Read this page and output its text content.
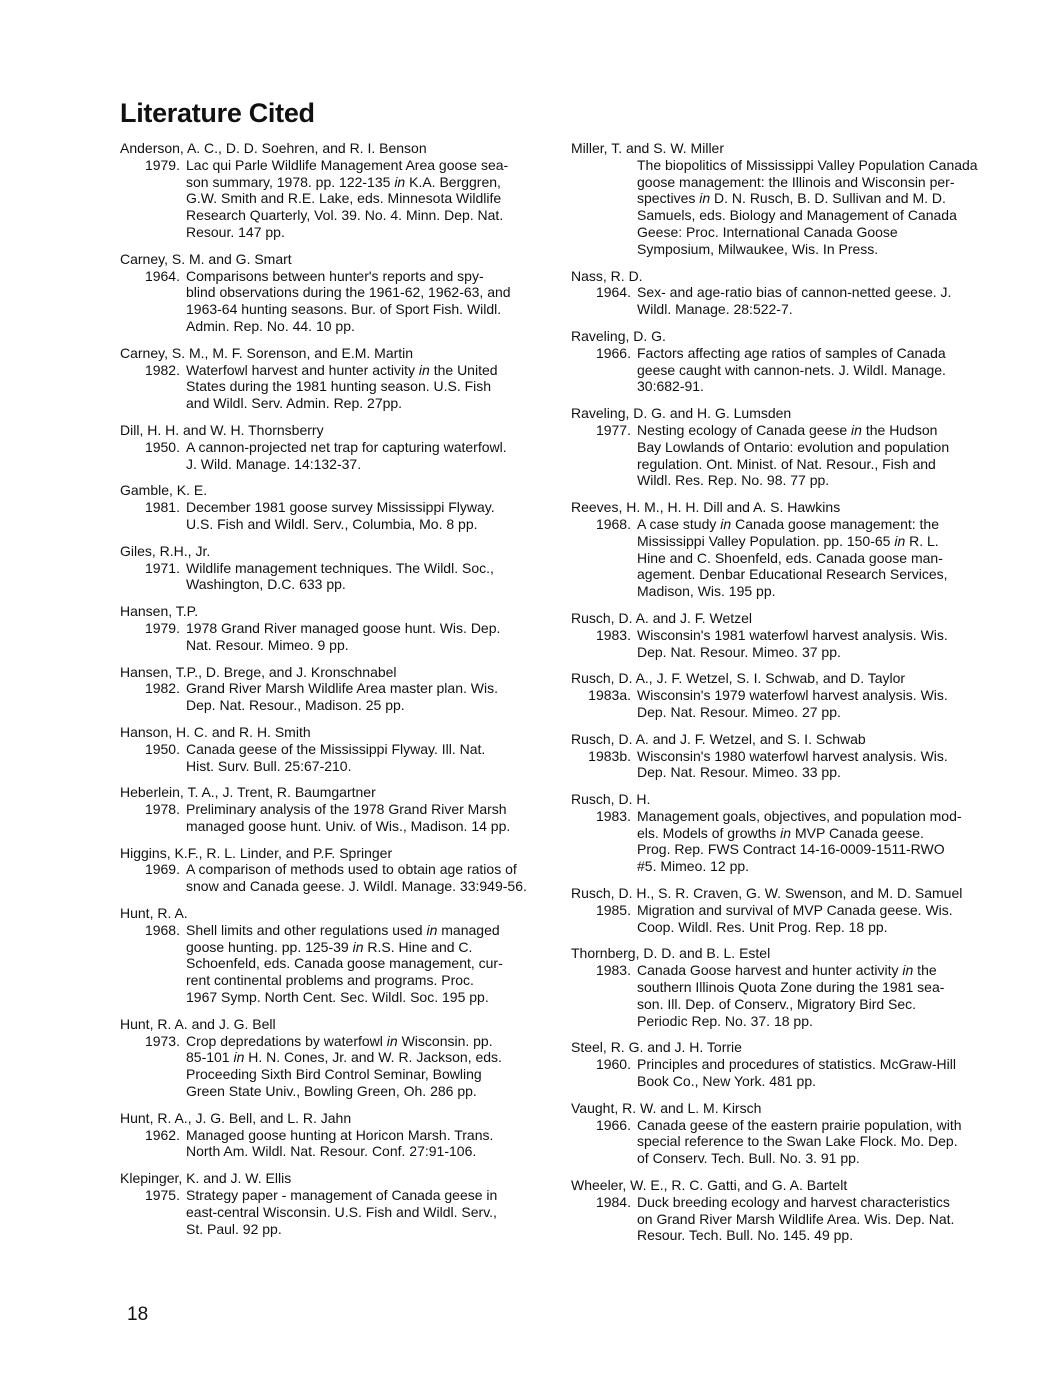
Literature Cited
Anderson, A. C., D. D. Soehren, and R. I. Benson
1979. Lac qui Parle Wildlife Management Area goose sea-
son summary, 1978. pp. 122-135 in K.A. Berggren,
G.W. Smith and R.E. Lake, eds. Minnesota Wildlife
Research Quarterly, Vol. 39. No. 4. Minn. Dep. Nat.
Resour. 147 pp.
Carney, S. M. and G. Smart
1964. Comparisons between hunter's reports and spy-
blind observations during the 1961-62, 1962-63, and
1963-64 hunting seasons. Bur. of Sport Fish. Wildl.
Admin. Rep. No. 44. 10 pp.
Carney, S. M., M. F. Sorenson, and E.M. Martin
1982. Waterfowl harvest and hunter activity in the United
States during the 1981 hunting season. U.S. Fish
and Wildl. Serv. Admin. Rep. 27pp.
Dill, H. H. and W. H. Thornsberry
1950. A cannon-projected net trap for capturing waterfowl.
J. Wild. Manage. 14:132-37.
Gamble, K. E.
1981. December 1981 goose survey Mississippi Flyway.
U.S. Fish and Wildl. Serv., Columbia, Mo. 8 pp.
Giles, R.H., Jr.
1971. Wildlife management techniques. The Wildl. Soc.,
Washington, D.C. 633 pp.
Hansen, T.P.
1979. 1978 Grand River managed goose hunt. Wis. Dep.
Nat. Resour. Mimeo. 9 pp.
Hansen, T.P., D. Brege, and J. Kronschnabel
1982. Grand River Marsh Wildlife Area master plan. Wis.
Dep. Nat. Resour., Madison. 25 pp.
Hanson, H. C. and R. H. Smith
1950. Canada geese of the Mississippi Flyway. Ill. Nat.
Hist. Surv. Bull. 25:67-210.
Heberlein, T. A., J. Trent, R. Baumgartner
1978. Preliminary analysis of the 1978 Grand River Marsh
managed goose hunt. Univ. of Wis., Madison. 14 pp.
Higgins, K.F., R. L. Linder, and P.F. Springer
1969. A comparison of methods used to obtain age ratios of
snow and Canada geese. J. Wildl. Manage. 33:949-56.
Hunt, R. A.
1968. Shell limits and other regulations used in managed
goose hunting. pp. 125-39 in R.S. Hine and C.
Schoenfeld, eds. Canada goose management, cur-
rent continental problems and programs. Proc.
1967 Symp. North Cent. Sec. Wildl. Soc. 195 pp.
Hunt, R. A. and J. G. Bell
1973. Crop depredations by waterfowl in Wisconsin. pp.
85-101 in H. N. Cones, Jr. and W. R. Jackson, eds.
Proceeding Sixth Bird Control Seminar, Bowling
Green State Univ., Bowling Green, Oh. 286 pp.
Hunt, R. A., J. G. Bell, and L. R. Jahn
1962. Managed goose hunting at Horicon Marsh. Trans.
North Am. Wildl. Nat. Resour. Conf. 27:91-106.
Klepinger, K. and J. W. Ellis
1975. Strategy paper - management of Canada geese in
east-central Wisconsin. U.S. Fish and Wildl. Serv.,
St. Paul. 92 pp.
Miller, T. and S. W. Miller
The biopolitics of Mississippi Valley Population Canada
goose management: the Illinois and Wisconsin per-
spectives in D. N. Rusch, B. D. Sullivan and M. D.
Samuels, eds. Biology and Management of Canada
Geese: Proc. International Canada Goose
Symposium, Milwaukee, Wis. In Press.
Nass, R. D.
1964. Sex- and age-ratio bias of cannon-netted geese. J.
Wildl. Manage. 28:522-7.
Raveling, D. G.
1966. Factors affecting age ratios of samples of Canada
geese caught with cannon-nets. J. Wildl. Manage.
30:682-91.
Raveling, D. G. and H. G. Lumsden
1977. Nesting ecology of Canada geese in the Hudson
Bay Lowlands of Ontario: evolution and population
regulation. Ont. Minist. of Nat. Resour., Fish and
Wildl. Res. Rep. No. 98. 77 pp.
Reeves, H. M., H. H. Dill and A. S. Hawkins
1968. A case study in Canada goose management: the
Mississippi Valley Population. pp. 150-65 in R. L.
Hine and C. Shoenfeld, eds. Canada goose man-
agement. Denbar Educational Research Services,
Madison, Wis. 195 pp.
Rusch, D. A. and J. F. Wetzel
1983. Wisconsin's 1981 waterfowl harvest analysis. Wis.
Dep. Nat. Resour. Mimeo. 37 pp.
Rusch, D. A., J. F. Wetzel, S. I. Schwab, and D. Taylor
1983a. Wisconsin's 1979 waterfowl harvest analysis. Wis.
Dep. Nat. Resour. Mimeo. 27 pp.
Rusch, D. A. and J. F. Wetzel, and S. I. Schwab
1983b. Wisconsin's 1980 waterfowl harvest analysis. Wis.
Dep. Nat. Resour. Mimeo. 33 pp.
Rusch, D. H.
1983. Management goals, objectives, and population mod-
els. Models of growths in MVP Canada geese.
Prog. Rep. FWS Contract 14-16-0009-1511-RWO
#5. Mimeo. 12 pp.
Rusch, D. H., S. R. Craven, G. W. Swenson, and M. D. Samuel
1985. Migration and survival of MVP Canada geese. Wis.
Coop. Wildl. Res. Unit Prog. Rep. 18 pp.
Thornberg, D. D. and B. L. Estel
1983. Canada Goose harvest and hunter activity in the
southern Illinois Quota Zone during the 1981 sea-
son. Ill. Dep. of Conserv., Migratory Bird Sec.
Periodic Rep. No. 37. 18 pp.
Steel, R. G. and J. H. Torrie
1960. Principles and procedures of statistics. McGraw-Hill
Book Co., New York. 481 pp.
Vaught, R. W. and L. M. Kirsch
1966. Canada geese of the eastern prairie population, with
special reference to the Swan Lake Flock. Mo. Dep.
of Conserv. Tech. Bull. No. 3. 91 pp.
Wheeler, W. E., R. C. Gatti, and G. A. Bartelt
1984. Duck breeding ecology and harvest characteristics
on Grand River Marsh Wildlife Area. Wis. Dep. Nat.
Resour. Tech. Bull. No. 145. 49 pp.
18
